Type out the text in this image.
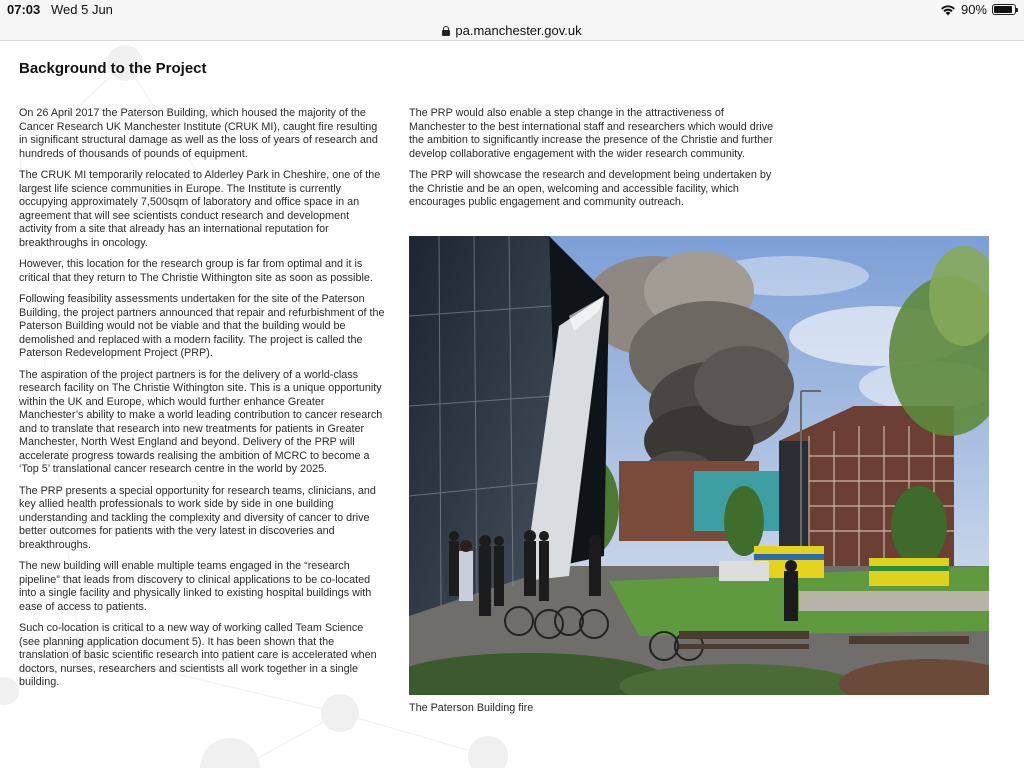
07:03 Wed 5 Jun	90%
pa.manchester.gov.uk
Background to the Project

On 26 April 2017 the Paterson Building, which housed the majority of the Cancer Research UK Manchester Institute (CRUK MI), caught fire resulting in significant structural damage as well as the loss of years of research and hundreds of thousands of pounds of equipment.

The CRUK MI temporarily relocated to Alderley Park in Cheshire, one of the largest life science communities in Europe. The Institute is currently occupying approximately 7,500sqm of laboratory and office space in an agreement that will see scientists conduct research and development activity from a site that already has an international reputation for breakthroughs in oncology.

However, this location for the research group is far from optimal and it is critical that they return to The Christie Withington site as soon as possible.

Following feasibility assessments undertaken for the site of the Paterson Building, the project partners announced that repair and refurbishment of the Paterson Building would not be viable and that the building would be demolished and replaced with a modern facility. The project is called the Paterson Redevelopment Project (PRP).

The aspiration of the project partners is for the delivery of a world-class research facility on The Christie Withington site. This is a unique opportunity within the UK and Europe, which would further enhance Greater Manchester’s ability to make a world leading contribution to cancer research and to translate that research into new treatments for patients in Greater Manchester, North West England and beyond. Delivery of the PRP will accelerate progress towards realising the ambition of MCRC to become a ‘Top 5’ translational cancer research centre in the world by 2025.

The PRP presents a special opportunity for research teams, clinicians, and key allied health professionals to work side by side in one building understanding and tackling the complexity and diversity of cancer to drive better outcomes for patients with the very latest in discoveries and breakthroughs.

The new building will enable multiple teams engaged in the “research pipeline” that leads from discovery to clinical applications to be co-located into a single facility and physically linked to existing hospital buildings with ease of access to patients.

Such co-location is critical to a new way of working called Team Science (see planning application document 5). It has been shown that the translation of basic scientific research into patient care is accelerated when doctors, nurses, researchers and scientists all work together in a single building.

The PRP would also enable a step change in the attractiveness of Manchester to the best international staff and researchers which would drive the ambition to significantly increase the presence of the Christie and further develop collaborative engagement with the wider research community.

The PRP will showcase the research and development being undertaken by the Christie and be an open, welcoming and accessible facility, which encourages public engagement and community outreach.

The Paterson Building fire
